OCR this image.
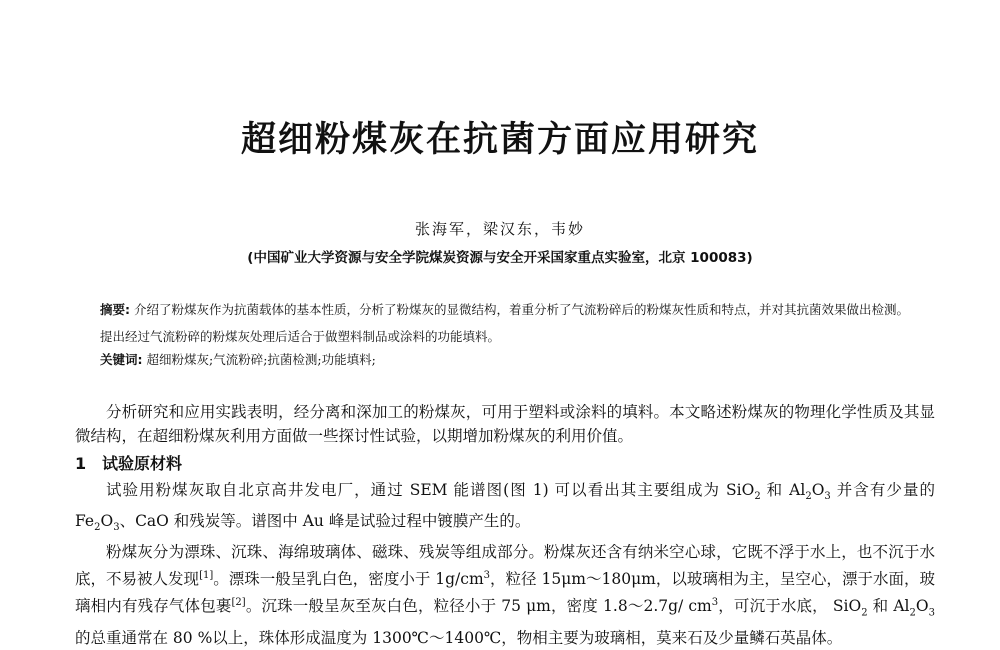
超细粉煤灰在抗菌方面应用研究
张海军，梁汉东，韦妙
(中国矿业大学资源与安全学院煤炭资源与安全开采国家重点实验室，北京 100083)
摘要: 介绍了粉煤灰作为抗菌载体的基本性质，分析了粉煤灰的显微结构，着重分析了气流粉碎后的粉煤灰性质和特点，并对其抗菌效果做出检测。提出经过气流粉碎的粉煤灰处理后适合于做塑料制品或涂料的功能填料。
关键词: 超细粉煤灰;气流粉碎;抗菌检测;功能填料;

分析研究和应用实践表明，经分离和深加工的粉煤灰，可用于塑料或涂料的填料。本文略述粉煤灰的物理化学性质及其显微结构，在超细粉煤灰利用方面做一些探讨性试验，以期增加粉煤灰的利用价值。

1 试验原材料

试验用粉煤灰取自北京高井发电厂，通过 SEM 能谱图(图 1) 可以看出其主要组成为 SiO$_2$ 和 $Al_2O_3$ 并含有少量的 $Fe_2O_3$、CaO 和残炭等。谱图中 Au 峰是试验过程中镀膜产生的。

粉煤灰分为漂珠、沉珠、海绵玻璃体、磁珠、残炭等组成部分。粉煤灰还含有纳米空心球，它既不浮于水上，也不沉于水底，不易被人发现[1]。漂珠一般呈乳白色，密度小于 $1g/cm^3$，粒径 15μm～180μm，以玻璃相为主，呈空心，漂于水面，玻璃相内有残存气体包裹[2]。沉珠一般呈灰至灰白色，粒径小于 75 μm，密度 1.8～2.7g/ $cm^3$，可沉于水底， SiO$_2$ 和 $Al_2O_3$ 的总重通常在 80 %以上，珠体形成温度为 1300℃～1400℃，物相主要为玻璃相，莫来石及少量鳞石英晶体。
